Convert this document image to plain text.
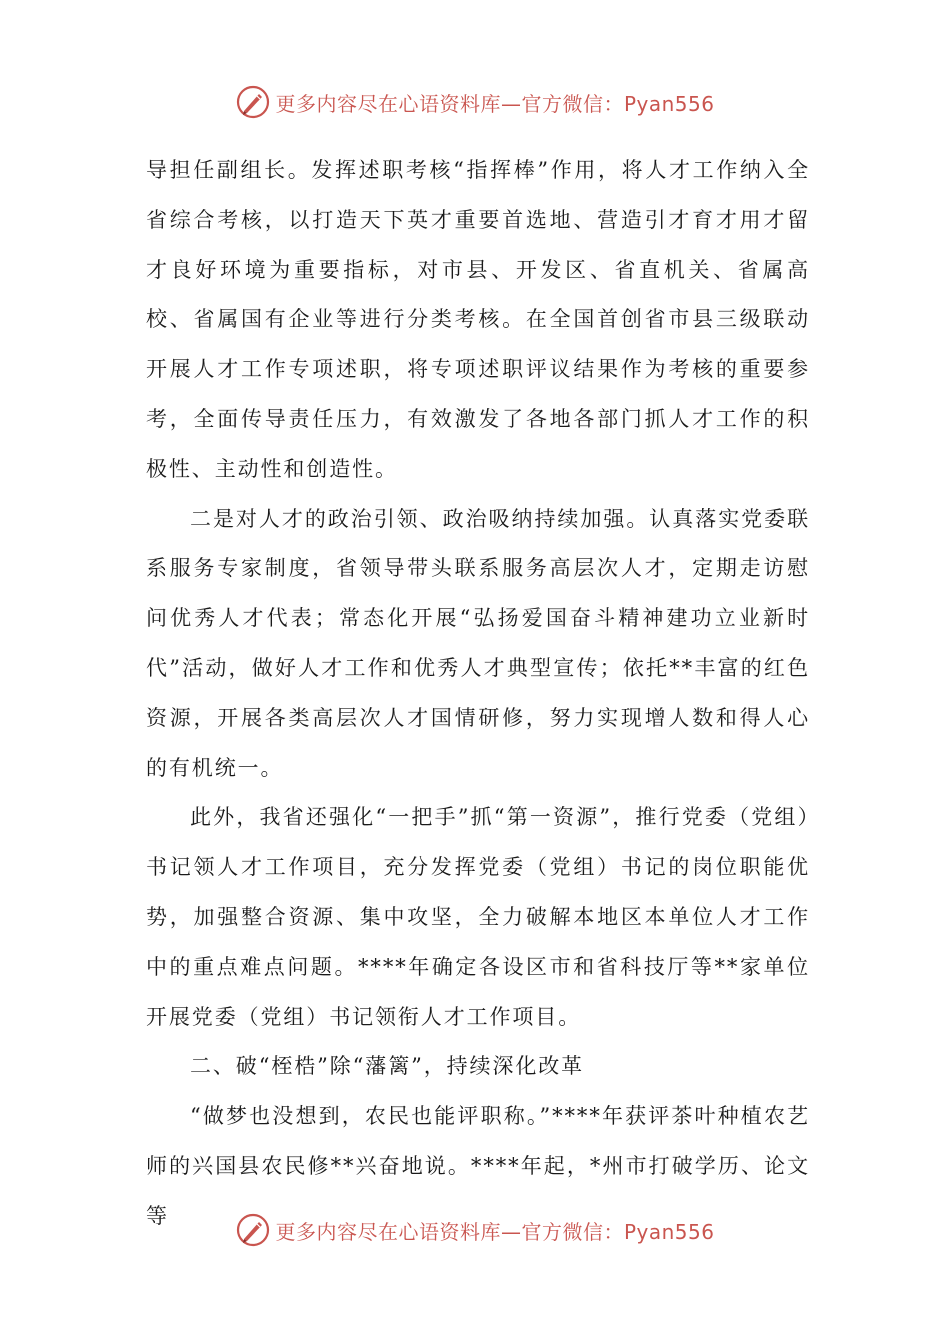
更多内容尽在心语资料库—官方微信：Pyan556

导担任副组长。发挥述职考核“指挥棒”作用，将人才工作纳入全省综合考核，以打造天下英才重要首选地、营造引才育才用才留才良好环境为重要指标，对市县、开发区、省直机关、省属高校、省属国有企业等进行分类考核。在全国首创省市县三级联动开展人才工作专项述职，将专项述职评议结果作为考核的重要参考，全面传导责任压力，有效激发了各地各部门抓人才工作的积极性、主动性和创造性。

二是对人才的政治引领、政治吸纳持续加强。认真落实党委联系服务专家制度，省领导带头联系服务高层次人才，定期走访慰问优秀人才代表；常态化开展“弘扬爱国奋斗精神建功立业新时代”活动，做好人才工作和优秀人才典型宣传；依托**丰富的红色资源，开展各类高层次人才国情研修，努力实现增人数和得人心的有机统一。

此外，我省还强化“一把手”抓“第一资源”，推行党委（党组）书记领人才工作项目，充分发挥党委（党组）书记的岗位职能优势，加强整合资源、集中攻坚，全力破解本地区本单位人才工作中的重点难点问题。****年确定各设区市和省科技厅等**家单位开展党委（党组）书记领衔人才工作项目。

二、破“桎梏”除“藩篱”，持续深化改革

“做梦也没想到，农民也能评职称。”****年获评茶叶种植农艺师的兴国县农民修**兴奋地说。****年起，*州市打破学历、论文等

更多内容尽在心语资料库—官方微信：Pyan556
